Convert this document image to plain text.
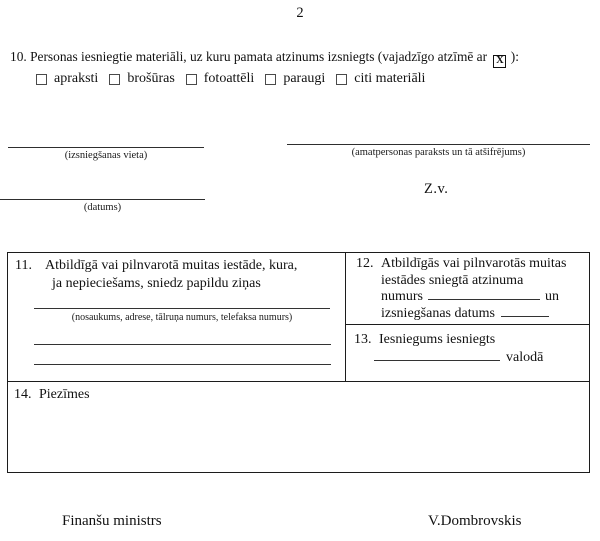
2
10. Personas iesniegtie materiāli, uz kuru pamata atzinums izsniegts (vajadzīgo atzīmē ar X ):
apraksti brošūras fotoattēli paraugi citi materiāli
(izsniegšanas vieta)	(amatpersonas paraksts un tā atšifrējums)
(datums)
Z.v.
11. Atbildīgā vai pilnvarotā muitas iestāde, kura,
ja nepieciešams, sniedz papildu ziņas
(nosaukums, adrese, tālruņa numurs, telefaksa numurs)
12. Atbildīgās vai pilnvarotās muitas
iestādes sniegtā atzinuma
numurs	un
izsniegšanas datums
13. Iesniegums iesniegts
valodā
14. Piezīmes
Finanšu ministrs	V.Dombrovskis
